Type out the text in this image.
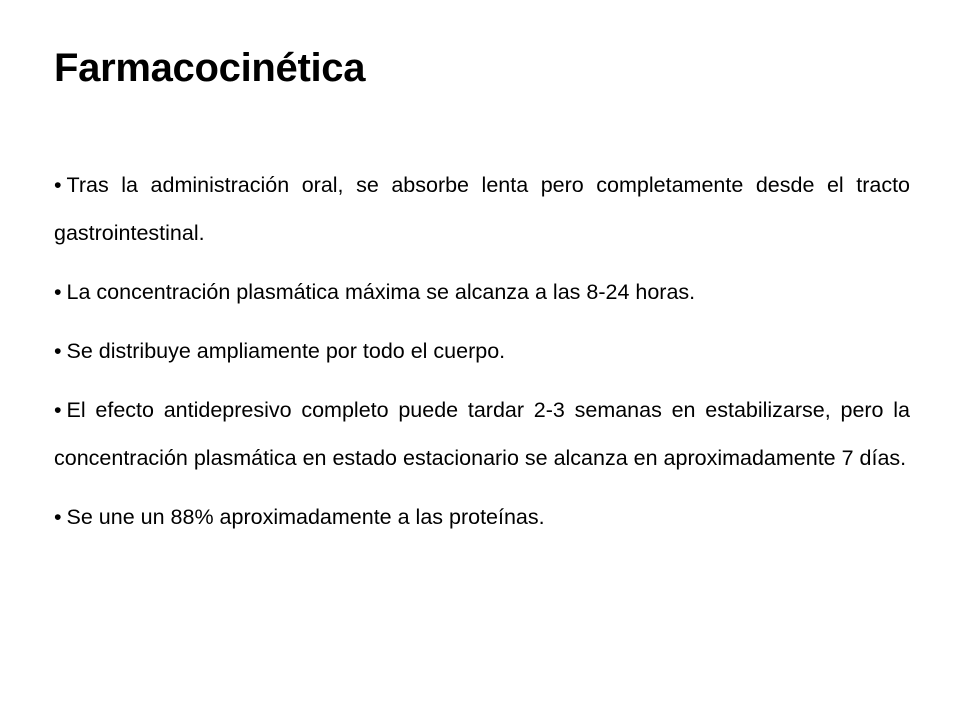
Farmacocinética
• Tras la administración oral, se absorbe lenta pero completamente desde el tracto gastrointestinal.
• La concentración plasmática máxima se alcanza a las 8-24 horas.
• Se distribuye ampliamente por todo el cuerpo.
• El efecto antidepresivo completo puede tardar 2-3 semanas en estabilizarse, pero la concentración plasmática en estado estacionario se alcanza en aproximadamente 7 días.
• Se une un 88% aproximadamente a las proteínas.
